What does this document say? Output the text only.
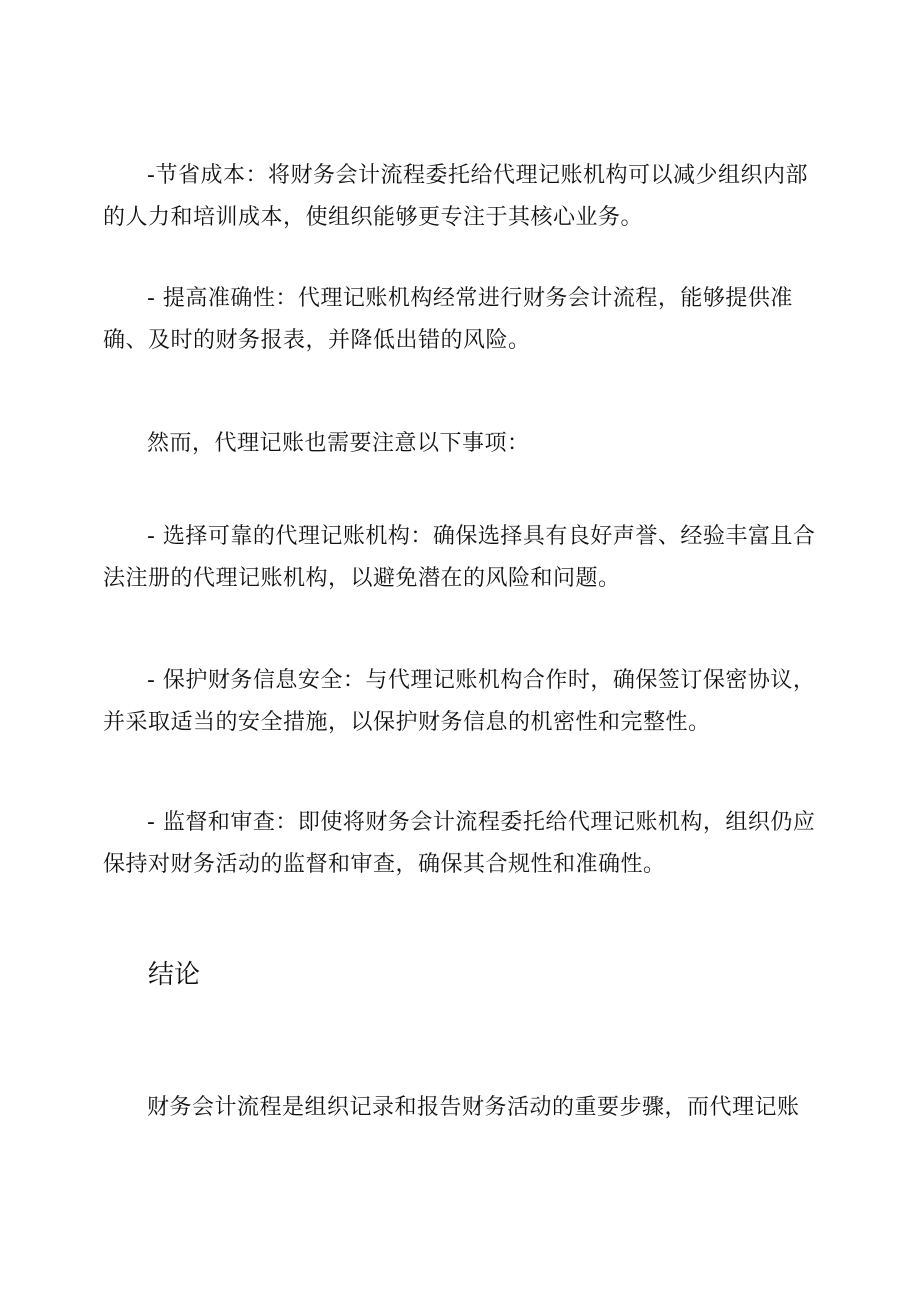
-节省成本：将财务会计流程委托给代理记账机构可以减少组织内部的人力和培训成本，使组织能够更专注于其核心业务。

- 提高准确性：代理记账机构经常进行财务会计流程，能够提供准确、及时的财务报表，并降低出错的风险。

然而，代理记账也需要注意以下事项：

- 选择可靠的代理记账机构：确保选择具有良好声誉、经验丰富且合法注册的代理记账机构，以避免潜在的风险和问题。

- 保护财务信息安全：与代理记账机构合作时，确保签订保密协议，并采取适当的安全措施，以保护财务信息的机密性和完整性。

- 监督和审查：即使将财务会计流程委托给代理记账机构，组织仍应保持对财务活动的监督和审查，确保其合规性和准确性。

结论

财务会计流程是组织记录和报告财务活动的重要步骤，而代理记账
